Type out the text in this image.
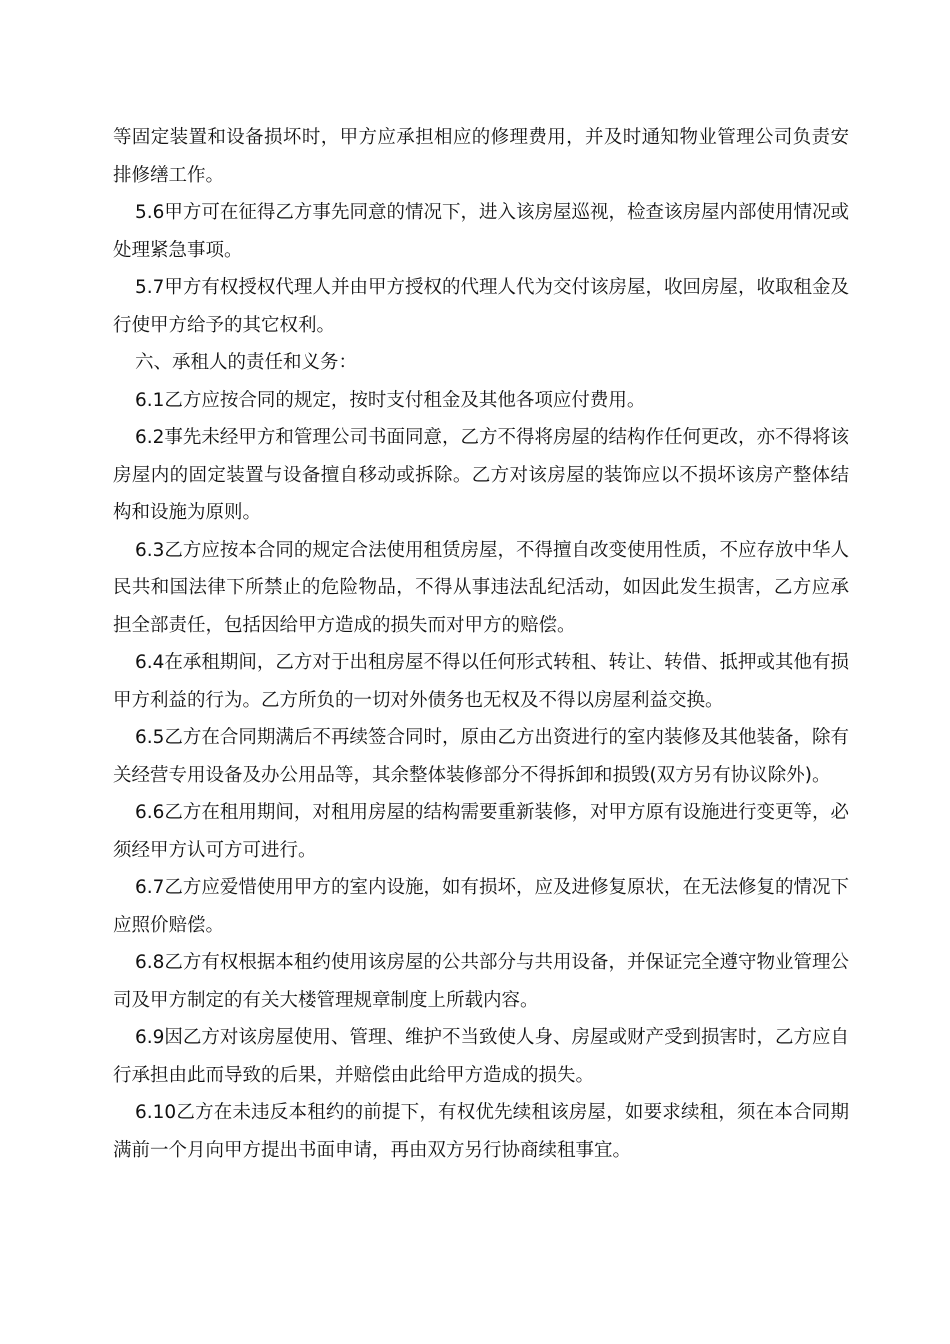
等固定装置和设备损坏时，甲方应承担相应的修理费用，并及时通知物业管理公司负责安排修缮工作。

5.6甲方可在征得乙方事先同意的情况下，进入该房屋巡视，检查该房屋内部使用情况或处理紧急事项。

5.7甲方有权授权代理人并由甲方授权的代理人代为交付该房屋，收回房屋，收取租金及行使甲方给予的其它权利。

六、承租人的责任和义务：

6.1乙方应按合同的规定，按时支付租金及其他各项应付费用。

6.2事先未经甲方和管理公司书面同意，乙方不得将房屋的结构作任何更改，亦不得将该房屋内的固定装置与设备擅自移动或拆除。乙方对该房屋的装饰应以不损坏该房产整体结构和设施为原则。

6.3乙方应按本合同的规定合法使用租赁房屋，不得擅自改变使用性质，不应存放中华人民共和国法律下所禁止的危险物品，不得从事违法乱纪活动，如因此发生损害，乙方应承担全部责任，包括因给甲方造成的损失而对甲方的赔偿。

6.4在承租期间，乙方对于出租房屋不得以任何形式转租、转让、转借、抵押或其他有损甲方利益的行为。乙方所负的一切对外债务也无权及不得以房屋利益交换。

6.5乙方在合同期满后不再续签合同时，原由乙方出资进行的室内装修及其他装备，除有关经营专用设备及办公用品等，其余整体装修部分不得拆卸和损毁(双方另有协议除外)。

6.6乙方在租用期间，对租用房屋的结构需要重新装修，对甲方原有设施进行变更等，必须经甲方认可方可进行。

6.7乙方应爱惜使用甲方的室内设施，如有损坏，应及进修复原状，在无法修复的情况下应照价赔偿。

6.8乙方有权根据本租约使用该房屋的公共部分与共用设备，并保证完全遵守物业管理公司及甲方制定的有关大楼管理规章制度上所载内容。

6.9因乙方对该房屋使用、管理、维护不当致使人身、房屋或财产受到损害时，乙方应自行承担由此而导致的后果，并赔偿由此给甲方造成的损失。

6.10乙方在未违反本租约的前提下，有权优先续租该房屋，如要求续租，须在本合同期满前一个月向甲方提出书面申请，再由双方另行协商续租事宜。
